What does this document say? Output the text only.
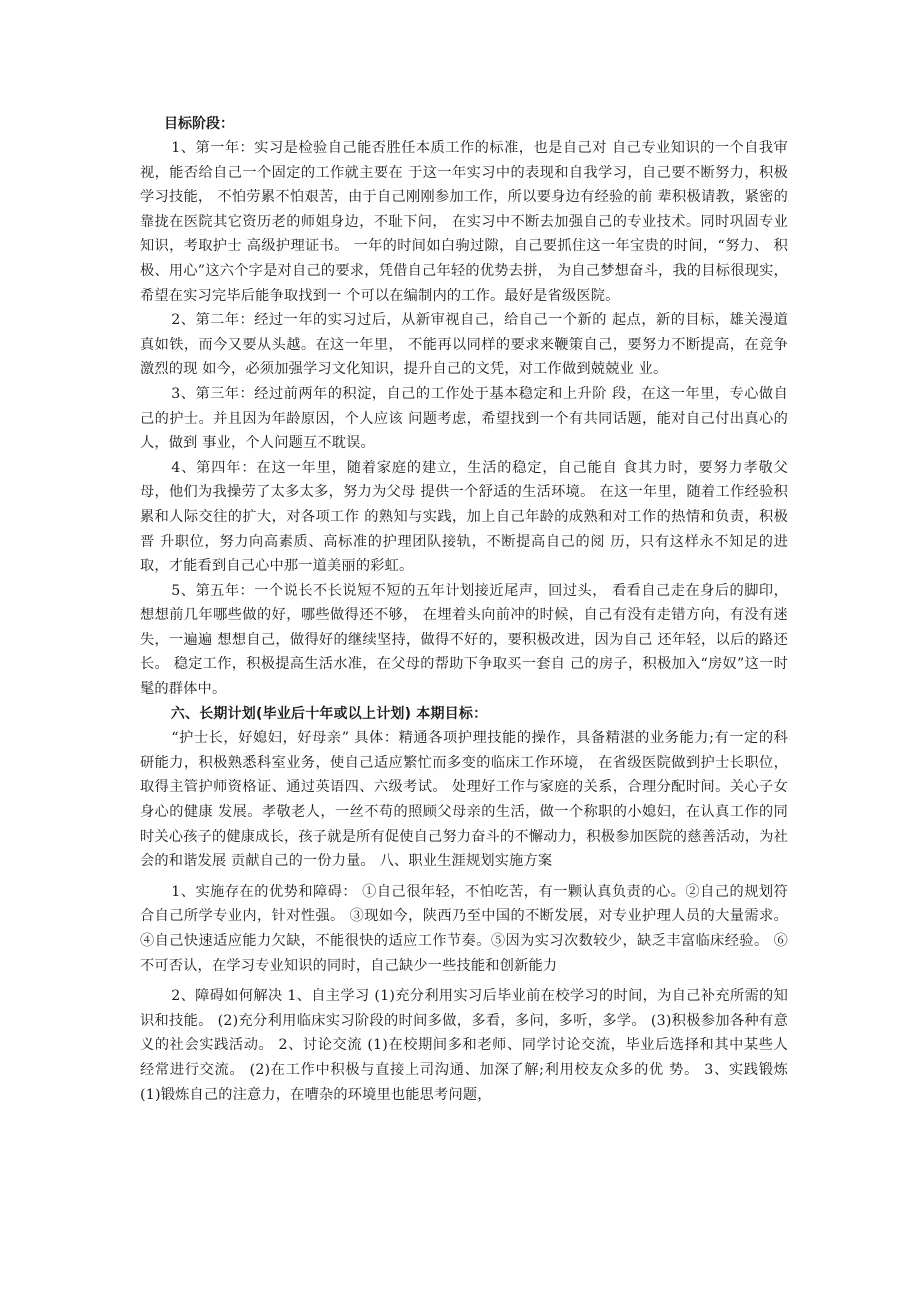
目标阶段：

1、第一年：实习是检验自己能否胜任本质工作的标准，也是自己对 自己专业知识的一个自我审视，能否给自己一个固定的工作就主要在 于这一年实习中的表现和自我学习，自己要不断努力，积极学习技能， 不怕劳累不怕艰苦，由于自己刚刚参加工作，所以要身边有经验的前 辈积极请教，紧密的靠拢在医院其它资历老的师姐身边，不耻下问， 在实习中不断去加强自己的专业技术。同时巩固专业知识，考取护士 高级护理证书。 一年的时间如白驹过隙，自己要抓住这一年宝贵的时间，“努力、 积极、用心”这六个字是对自己的要求，凭借自己年轻的优势去拼， 为自己梦想奋斗，我的目标很现实，希望在实习完毕后能争取找到一 个可以在编制内的工作。最好是省级医院。

2、第二年：经过一年的实习过后，从新审视自己，给自己一个新的 起点，新的目标，雄关漫道真如铁，而今又要从头越。在这一年里， 不能再以同样的要求来鞭策自己，要努力不断提高，在竞争激烈的现 如今，必须加强学习文化知识，提升自己的文凭，对工作做到兢兢业 业。

3、第三年：经过前两年的积淀，自己的工作处于基本稳定和上升阶 段，在这一年里，专心做自己的护士。并且因为年龄原因，个人应该 问题考虑，希望找到一个有共同话题，能对自己付出真心的人，做到 事业，个人问题互不耽误。

4、第四年：在这一年里，随着家庭的建立，生活的稳定，自己能自 食其力时，要努力孝敬父母，他们为我操劳了太多太多，努力为父母 提供一个舒适的生活环境。 在这一年里，随着工作经验积累和人际交往的扩大，对各项工作 的熟知与实践，加上自己年龄的成熟和对工作的热情和负责，积极晋 升职位，努力向高素质、高标准的护理团队接轨，不断提高自己的阅 历，只有这样永不知足的进取，才能看到自己心中那一道美丽的彩虹。

5、第五年：一个说长不长说短不短的五年计划接近尾声，回过头， 看看自己走在身后的脚印，想想前几年哪些做的好，哪些做得还不够， 在埋着头向前冲的时候，自己有没有走错方向，有没有迷失，一遍遍 想想自己，做得好的继续坚持，做得不好的，要积极改进，因为自己 还年轻，以后的路还长。 稳定工作，积极提高生活水准，在父母的帮助下争取买一套自 己的房子，积极加入“房奴”这一时髦的群体中。

六、长期计划(毕业后十年或以上计划) 本期目标：

“护士长，好媳妇，好母亲” 具体：精通各项护理技能的操作，具备精湛的业务能力;有一定的科 研能力，积极熟悉科室业务，使自己适应繁忙而多变的临床工作环境， 在省级医院做到护士长职位， 取得主管护师资格证、通过英语四、六级考试。 处理好工作与家庭的关系，合理分配时间。关心子女身心的健康 发展。孝敬老人，一丝不苟的照顾父母亲的生活，做一个称职的小媳妇，在认真工作的同时关心孩子的健康成长，孩子就是所有促使自己努力奋斗的不懈动力，积极参加医院的慈善活动，为社会的和谐发展 贡献自己的一份力量。 八、职业生涯规划实施方案

1、实施存在的优势和障碍： ①自己很年轻，不怕吃苦，有一颗认真负责的心。②自己的规划符合自己所学专业内，针对性强。 ③现如今，陕西乃至中国的不断发展，对专业护理人员的大量需求。④自己快速适应能力欠缺，不能很快的适应工作节奏。⑤因为实习次数较少，缺乏丰富临床经验。 ⑥不可否认，在学习专业知识的同时，自己缺少一些技能和创新能力

2、障碍如何解决 1、自主学习 (1)充分利用实习后毕业前在校学习的时间，为自己补充所需的知 识和技能。 (2)充分利用临床实习阶段的时间多做，多看，多问，多听，多学。 (3)积极参加各种有意义的社会实践活动。 2、讨论交流 (1)在校期间多和老师、同学讨论交流，毕业后选择和其中某些人 经常进行交流。 (2)在工作中积极与直接上司沟通、加深了解;利用校友众多的优 势。 3、实践锻炼 (1)锻炼自己的注意力，在嘈杂的环境里也能思考问题，
